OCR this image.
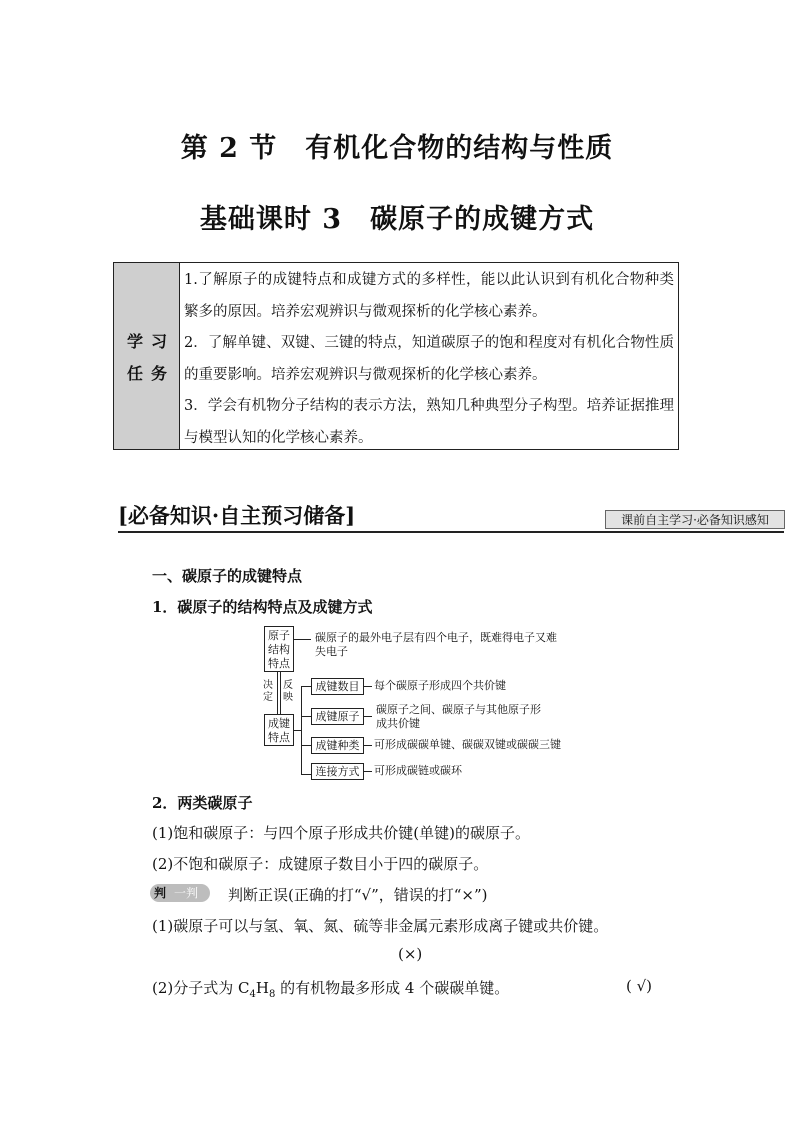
第 2 节　有机化合物的结构与性质
基础课时 3　碳原子的成键方式
学 习
任 务
1.了解原子的成键特点和成键方式的多样性，能以此认识到有机化合物种类繁多的原因。培养宏观辨识与微观探析的化学核心素养。
2．了解单键、双键、三键的特点，知道碳原子的饱和程度对有机化合物性质的重要影响。培养宏观辨识与微观探析的化学核心素养。
3．学会有机物分子结构的表示方法，熟知几种典型分子构型。培养证据推理与模型认知的化学核心素养。
[必备知识·自主预习储备]	课前自主学习·必备知识感知
一、碳原子的成键特点
1．碳原子的结构特点及成键方式
原子
结构
特点
碳原子的最外电子层有四个电子，既难得电子又难
失电子
决
定
反
映
成键
特点
成键数目	每个碳原子形成四个共价键
成键原子
碳原子之间、碳原子与其他原子形
成共价键
成键种类	可形成碳碳单键、碳碳双键或碳碳三键
连接方式	可形成碳链或碳环
2．两类碳原子
(1)饱和碳原子：与四个原子形成共价键(单键)的碳原子。
(2)不饱和碳原子：成键原子数目小于四的碳原子。
判 一判 判断正误(正确的打“√”，错误的打“×”)
(1)碳原子可以与氢、氧、氮、硫等非金属元素形成离子键或共价键。
(×)
(2)分子式为 $C_4H_8$ 的有机物最多形成 4 个碳碳单键。	( √)
